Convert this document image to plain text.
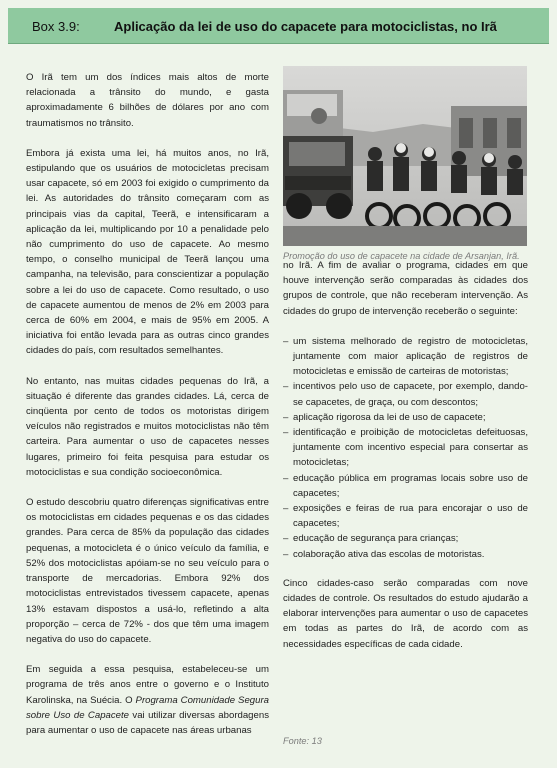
Box 3.9:	Aplicação da lei de uso do capacete para motociclistas, no Irã

O Irã tem um dos índices mais altos de morte relacionada a trânsito do mundo, e gasta aproximadamente 6 bilhões de dólares por ano com traumatismos no trânsito.

Embora já exista uma lei, há muitos anos, no Irã, estipulando que os usuários de motocicletas precisam usar capacete, só em 2003 foi exigido o cumprimento da lei. As autoridades do trânsito começaram com as principais vias da capital, Teerã, e intensificaram a aplicação da lei, multiplicando por 10 a penalidade pelo não cumprimento do uso de capacete. Ao mesmo tempo, o conselho municipal de Teerã lançou uma campanha, na televisão, para conscientizar a população sobre a lei do uso de capacete. Como resultado, o uso de capacete aumentou de menos de 2% em 2003 para cerca de 60% em 2004, e mais de 95% em 2005. A iniciativa foi então levada para as outras cinco grandes cidades do país, com resultados semelhantes.

No entanto, nas muitas cidades pequenas do Irã, a situação é diferente das grandes cidades. Lá, cerca de cinqüenta por cento de todos os motoristas dirigem veículos não registrados e muitos motociclistas não têm carteira. Para aumentar o uso de capacetes nesses lugares, primeiro foi feita pesquisa para estudar os motociclistas e sua condição socioeconômica.

O estudo descobriu quatro diferenças significativas entre os motociclistas em cidades pequenas e os das cidades grandes. Para cerca de 85% da população das cidades pequenas, a motocicleta é o único veículo da família, e 52% dos motociclistas apóiam-se no seu veículo para o transporte de mercadorias. Embora 92% dos motociclistas entrevistados tivessem capacete, apenas 13% estavam dispostos a usá-lo, refletindo a alta proporção – cerca de 72% - dos que têm uma imagem negativa do uso do capacete.

Em seguida a essa pesquisa, estabeleceu-se um programa de três anos entre o governo e o Instituto Karolinska, na Suécia. O Programa Comunidade Segura sobre Uso de Capacete vai utilizar diversas abordagens para aumentar o uso de capacete nas áreas urbanas

Promoção do uso de capacete na cidade de Arsanjan, Irã.

no Irã. A fim de avaliar o programa, cidades em que houve intervenção serão comparadas às cidades dos grupos de controle, que não receberam intervenção. As cidades do grupo de intervenção receberão o seguinte:

– um sistema melhorado de registro de motocicletas, juntamente com maior aplicação de registros de motocicletas e emissão de carteiras de motoristas;
– incentivos pelo uso de capacete, por exemplo, dando-se capacetes, de graça, ou com descontos;
– aplicação rigorosa da lei de uso de capacete;
– identificação e proibição de motocicletas defeituosas, juntamente com incentivo especial para consertar as motocicletas;
– educação pública em programas locais sobre uso de capacetes;
– exposições e feiras de rua para encorajar o uso de capacetes;
– educação de segurança para crianças;
– colaboração ativa das escolas de motoristas.

Cinco cidades-caso serão comparadas com nove cidades de controle. Os resultados do estudo ajudarão a elaborar intervenções para aumentar o uso de capacetes em todas as partes do Irã, de acordo com as necessidades específicas de cada cidade.

Fonte: 13
